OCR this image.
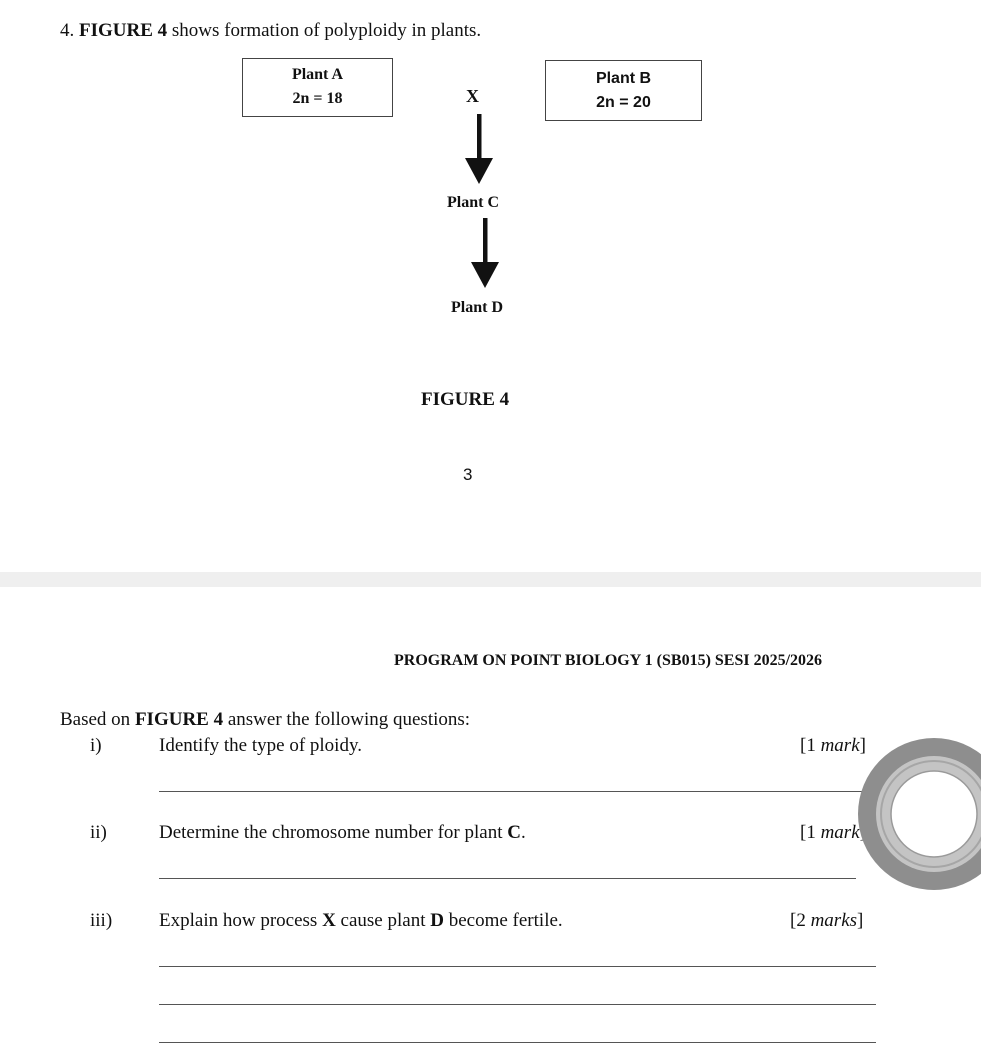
4. FIGURE 4 shows formation of polyploidy in plants.
Plant A
2n = 18
Plant B
2n = 20
X
Plant C
Plant D
FIGURE 4
3
PROGRAM ON POINT BIOLOGY 1 (SB015) SESI 2025/2026
Based on FIGURE 4 answer the following questions:
i)	Identify the type of ploidy.	[1 mark]
ii)	Determine the chromosome number for plant C.	[1 mark
iii) Explain how process X cause plant D become fertile.	[2 marks]
